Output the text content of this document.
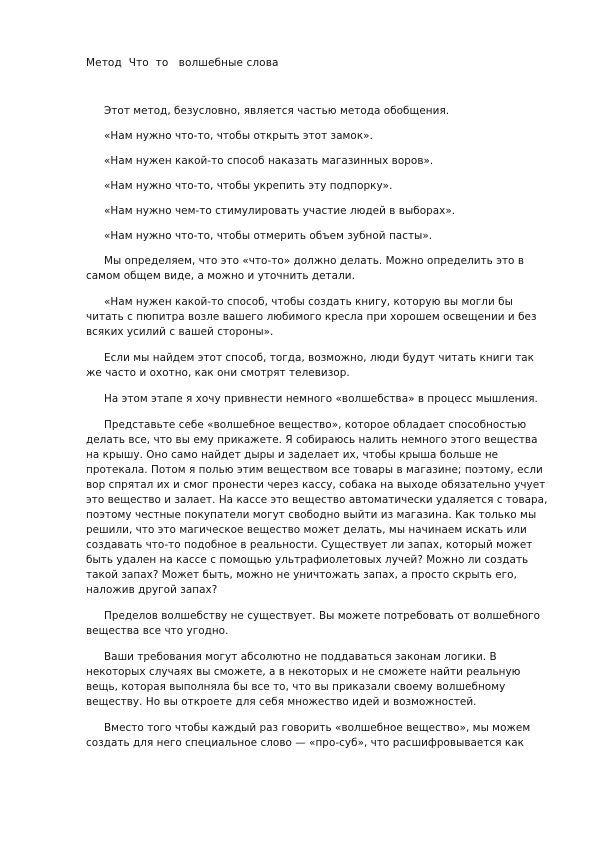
Метод  Что  то   волшебные слова

Этот метод, безусловно, является частью метода обобщения.

«Нам нужно что-то, чтобы открыть этот замок».

«Нам нужен какой-то способ наказать магазинных воров».

«Нам нужно что-то, чтобы укрепить эту подпорку».

«Нам нужно чем-то стимулировать участие людей в выборах».

«Нам нужно что-то, чтобы отмерить объем зубной пасты».

Мы определяем, что это «что-то» должно делать. Можно определить это в самом общем виде, а можно и уточнить детали.

«Нам нужен какой-то способ, чтобы создать книгу, которую вы могли бы читать с пюпитра возле вашего любимого кресла при хорошем освещении и без всяких усилий с вашей стороны».

Если мы найдем этот способ, тогда, возможно, люди будут читать книги так же часто и охотно, как они смотрят телевизор.

На этом этапе я хочу привнести немного «волшебства» в процесс мышления.

Представьте себе «волшебное вещество», которое обладает способностью делать все, что вы ему прикажете. Я собираюсь налить немного этого вещества на крышу. Оно само найдет дыры и заделает их, чтобы крыша больше не протекала. Потом я полью этим веществом все товары в магазине; поэтому, если вор спрятал их и смог пронести через кассу, собака на выходе обязательно учует это вещество и залает. На кассе это вещество автоматически удаляется с товара, поэтому честные покупатели могут свободно выйти из магазина. Как только мы решили, что это магическое вещество может делать, мы начинаем искать или создавать что-то подобное в реальности. Существует ли запах, который может быть удален на кассе с помощью ультрафиолетовых лучей? Можно ли создать такой запах? Может быть, можно не уничтожать запах, а просто скрыть его, наложив другой запах?

Пределов волшебству не существует. Вы можете потребовать от волшебного вещества все что угодно.

Ваши требования могут абсолютно не поддаваться законам логики. В некоторых случаях вы сможете, а в некоторых и не сможете найти реальную вещь, которая выполняла бы все то, что вы приказали своему волшебному веществу. Но вы откроете для себя множество идей и возможностей.

Вместо того чтобы каждый раз говорить «волшебное вещество», мы можем создать для него специальное слово — «про-суб», что расшифровывается как
